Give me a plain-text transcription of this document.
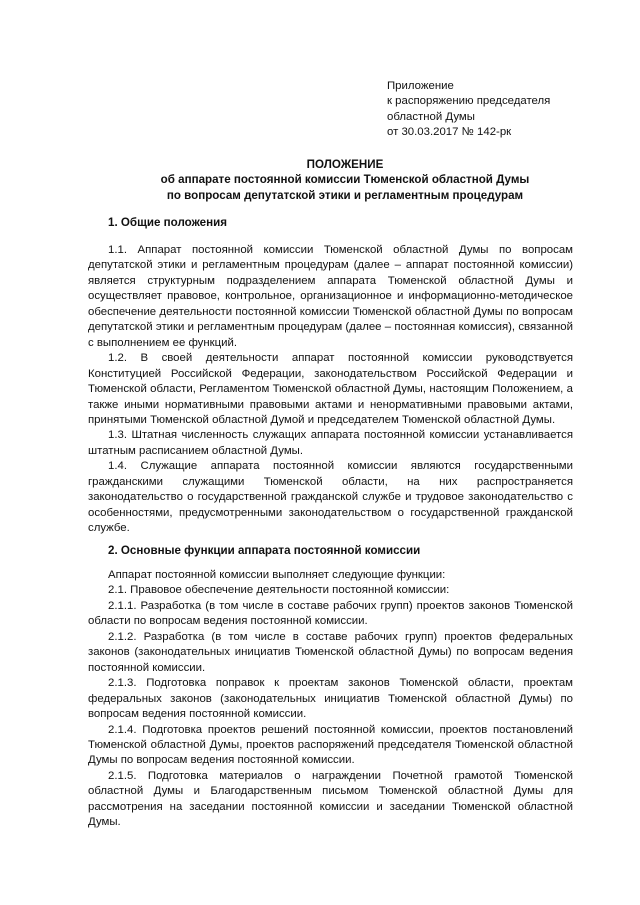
Приложение
к распоряжению председателя
областной Думы
от 30.03.2017 № 142-рк
ПОЛОЖЕНИЕ
об аппарате постоянной комиссии Тюменской областной Думы
по вопросам депутатской этики и регламентным процедурам
1. Общие положения

1.1. Аппарат постоянной комиссии Тюменской областной Думы по вопросам депутатской этики и регламентным процедурам (далее – аппарат постоянной комиссии) является структурным подразделением аппарата Тюменской областной Думы и осуществляет правовое, контрольное, организационное и информационно-методическое обеспечение деятельности постоянной комиссии Тюменской областной Думы по вопросам депутатской этики и регламентным процедурам (далее – постоянная комиссия), связанной с выполнением ее функций.

1.2. В своей деятельности аппарат постоянной комиссии руководствуется Конституцией Российской Федерации, законодательством Российской Федерации и Тюменской области, Регламентом Тюменской областной Думы, настоящим Положением, а также иными нормативными правовыми актами и ненормативными правовыми актами, принятыми Тюменской областной Думой и председателем Тюменской областной Думы.

1.3. Штатная численность служащих аппарата постоянной комиссии устанавливается штатным расписанием областной Думы.

1.4. Служащие аппарата постоянной комиссии являются государственными гражданскими служащими Тюменской области, на них распространяется законодательство о государственной гражданской службе и трудовое законодательство с особенностями, предусмотренными законодательством о государственной гражданской службе.

2. Основные функции аппарата постоянной комиссии

Аппарат постоянной комиссии выполняет следующие функции:

2.1. Правовое обеспечение деятельности постоянной комиссии:

2.1.1. Разработка (в том числе в составе рабочих групп) проектов законов Тюменской области по вопросам ведения постоянной комиссии.

2.1.2. Разработка (в том числе в составе рабочих групп) проектов федеральных законов (законодательных инициатив Тюменской областной Думы) по вопросам ведения постоянной комиссии.

2.1.3. Подготовка поправок к проектам законов Тюменской области, проектам федеральных законов (законодательных инициатив Тюменской областной Думы) по вопросам ведения постоянной комиссии.

2.1.4. Подготовка проектов решений постоянной комиссии, проектов постановлений Тюменской областной Думы, проектов распоряжений председателя Тюменской областной Думы по вопросам ведения постоянной комиссии.

2.1.5. Подготовка материалов о награждении Почетной грамотой Тюменской областной Думы и Благодарственным письмом Тюменской областной Думы для рассмотрения на заседании постоянной комиссии и заседании Тюменской областной Думы.
